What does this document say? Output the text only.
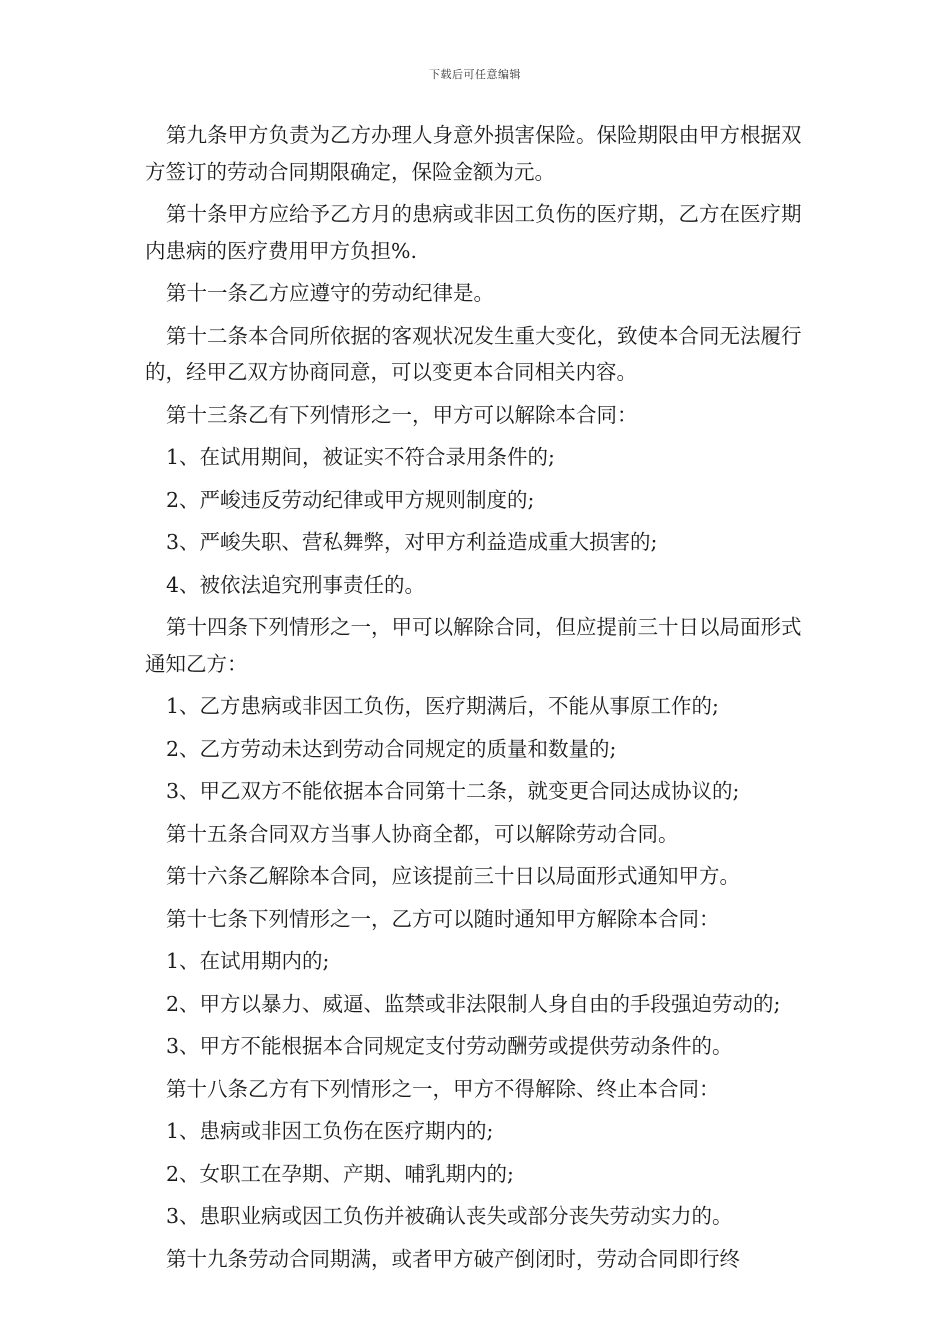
下载后可任意编辑

第九条甲方负责为乙方办理人身意外损害保险。保险期限由甲方根据双方签订的劳动合同期限确定，保险金额为元。

第十条甲方应给予乙方月的患病或非因工负伤的医疗期，乙方在医疗期内患病的医疗费用甲方负担%.

第十一条乙方应遵守的劳动纪律是。

第十二条本合同所依据的客观状况发生重大变化，致使本合同无法履行的，经甲乙双方协商同意，可以变更本合同相关内容。

第十三条乙有下列情形之一，甲方可以解除本合同：

1、在试用期间，被证实不符合录用条件的;

2、严峻违反劳动纪律或甲方规则制度的;

3、严峻失职、营私舞弊，对甲方利益造成重大损害的;

4、被依法追究刑事责任的。

第十四条下列情形之一，甲可以解除合同，但应提前三十日以局面形式通知乙方：

1、乙方患病或非因工负伤，医疗期满后，不能从事原工作的;

2、乙方劳动未达到劳动合同规定的质量和数量的;

3、甲乙双方不能依据本合同第十二条，就变更合同达成协议的;

第十五条合同双方当事人协商全都，可以解除劳动合同。

第十六条乙解除本合同，应该提前三十日以局面形式通知甲方。

第十七条下列情形之一，乙方可以随时通知甲方解除本合同：

1、在试用期内的;

2、甲方以暴力、威逼、监禁或非法限制人身自由的手段强迫劳动的;

3、甲方不能根据本合同规定支付劳动酬劳或提供劳动条件的。

第十八条乙方有下列情形之一，甲方不得解除、终止本合同：

1、患病或非因工负伤在医疗期内的;

2、女职工在孕期、产期、哺乳期内的;

3、患职业病或因工负伤并被确认丧失或部分丧失劳动实力的。

第十九条劳动合同期满，或者甲方破产倒闭时，劳动合同即行终
